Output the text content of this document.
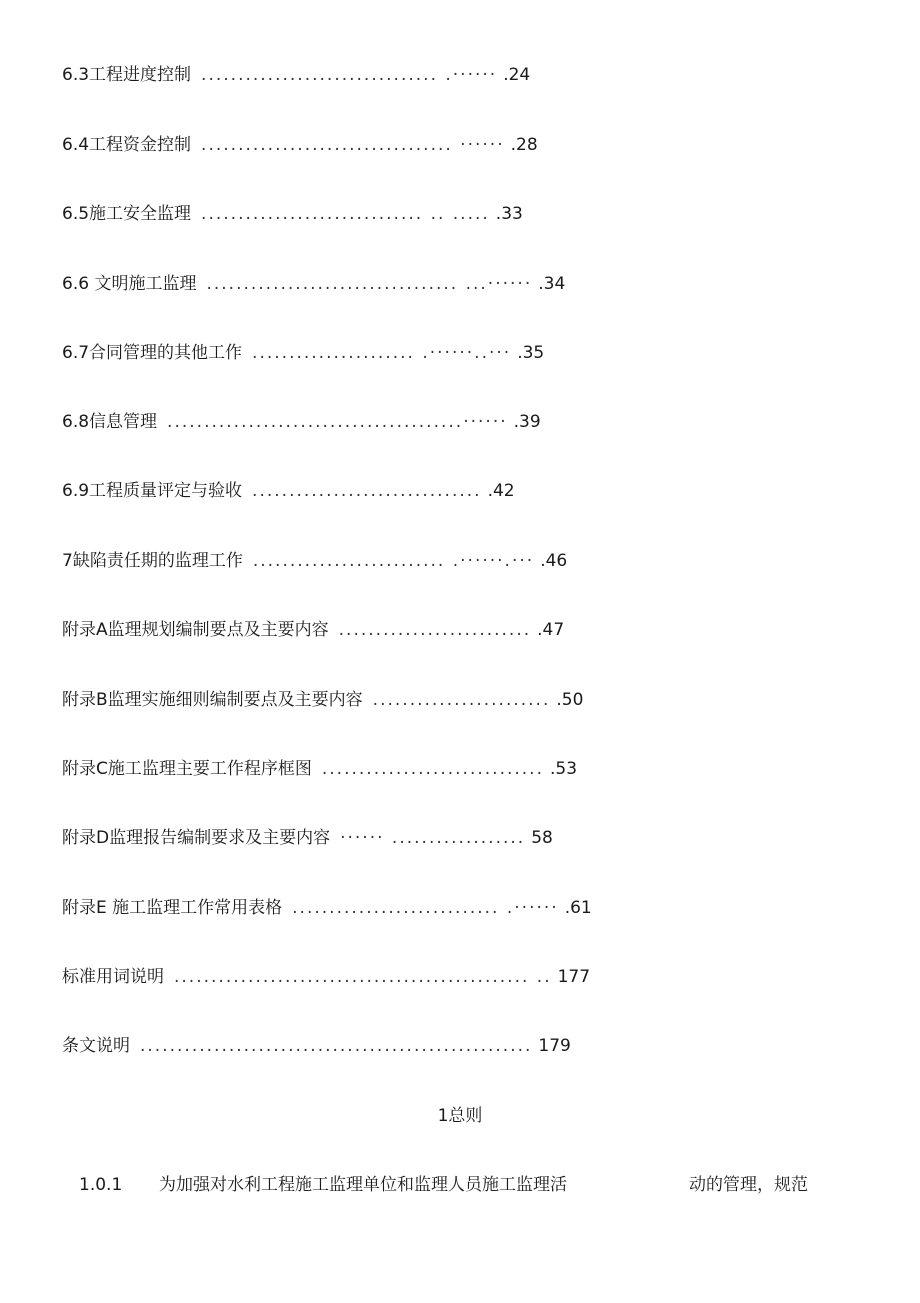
6.3工程进度控制 ................................ .······ .24
6.4工程资金控制 .................................. ······ .28
6.5施工安全监理 .............................. .. ..... .33
6.6 文明施工监理 .................................. ...······ .34
6.7合同管理的其他工作 ...................... .······..··· .35
6.8信息管理 ........................................······ .39
6.9工程质量评定与验收 ................................42
7缺陷责任期的监理工作 .......................... .······.··· .46
附录A监理规划编制要点及主要内容 ...........................47
附录B监理实施细则编制要点及主要内容 ........................ .50
附录C施工监理主要工作程序框图 ...............................53
附录D监理报告编制要求及主要内容······ .................. 58
附录E 施工监理工作常用表格 ............................ .······ .61
标准用词说明 ................................................ .. 177
条文说明 .....................................................179
1总则
1.0.1 为加强对水利工程施工监理单位和监理人员施工监理活	动的管理，规范
